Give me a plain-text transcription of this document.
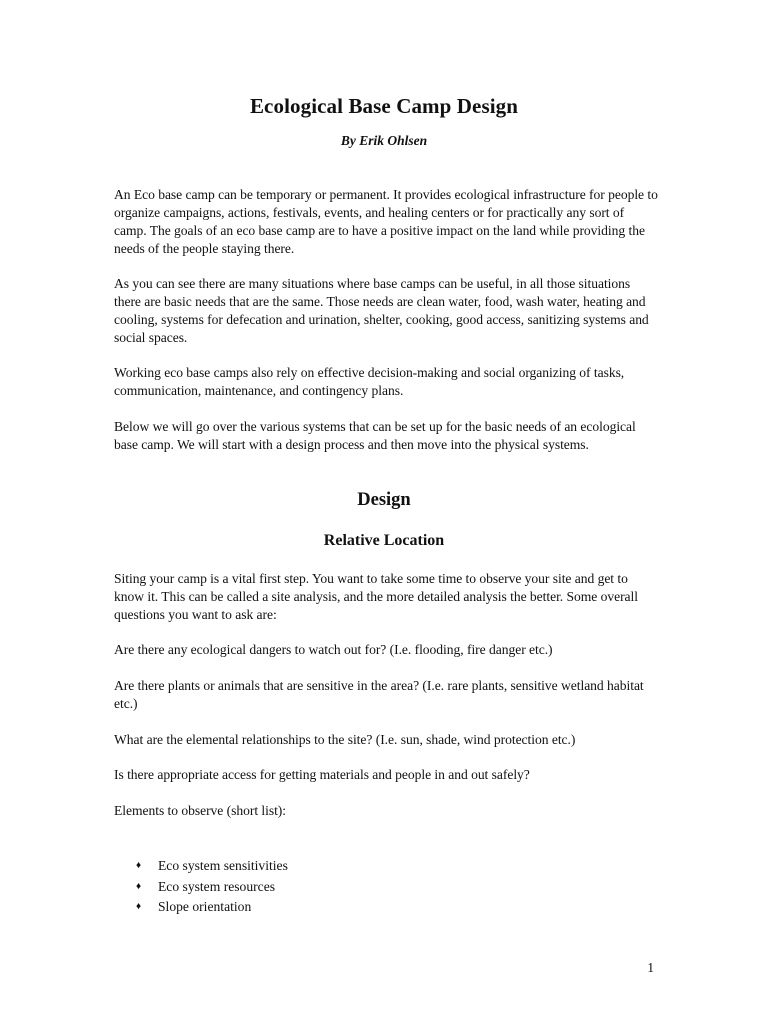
Ecological Base Camp Design
By Erik Ohlsen

An Eco base camp can be temporary or permanent. It provides ecological infrastructure for people to organize campaigns, actions, festivals, events, and healing centers or for practically any sort of camp. The goals of an eco base camp are to have a positive impact on the land while providing the needs of the people staying there.

As you can see there are many situations where base camps can be useful, in all those situations there are basic needs that are the same. Those needs are clean water, food, wash water, heating and cooling, systems for defecation and urination, shelter, cooking, good access, sanitizing systems and social spaces.

Working eco base camps also rely on effective decision-making and social organizing of tasks, communication, maintenance, and contingency plans.

Below we will go over the various systems that can be set up for the basic needs of an ecological base camp. We will start with a design process and then move into the physical systems.

Design
Relative Location

Siting your camp is a vital first step. You want to take some time to observe your site and get to know it. This can be called a site analysis, and the more detailed analysis the better. Some overall questions you want to ask are:

Are there any ecological dangers to watch out for? (I.e. flooding, fire danger etc.)

Are there plants or animals that are sensitive in the area? (I.e. rare plants, sensitive wetland habitat etc.)

What are the elemental relationships to the site? (I.e. sun, shade, wind protection etc.)

Is there appropriate access for getting materials and people in and out safely?

Elements to observe (short list):

♦	Eco system sensitivities
♦	Eco system resources
♦	Slope orientation
1
